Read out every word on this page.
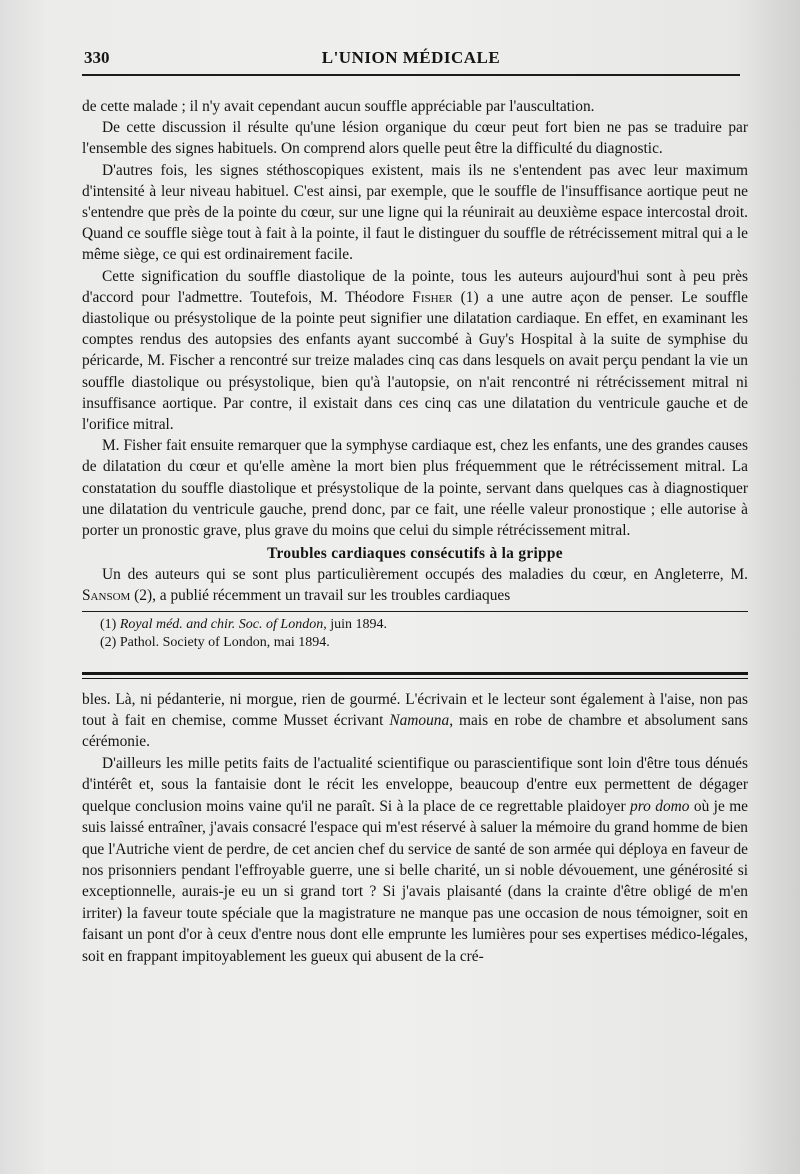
330	L'UNION MÉDICALE

de cette malade ; il n'y avait cependant aucun souffle appréciable par l'auscultation.

De cette discussion il résulte qu'une lésion organique du cœur peut fort bien ne pas se traduire par l'ensemble des signes habituels. On comprend alors quelle peut être la difficulté du diagnostic.

D'autres fois, les signes stéthoscopiques existent, mais ils ne s'entendent pas avec leur maximum d'intensité à leur niveau habituel. C'est ainsi, par exemple, que le souffle de l'insuffisance aortique peut ne s'entendre que près de la pointe du cœur, sur une ligne qui la réunirait au deuxième espace intercostal droit. Quand ce souffle siège tout à fait à la pointe, il faut le distinguer du souffle de rétrécissement mitral qui a le même siège, ce qui est ordinairement facile.

Cette signification du souffle diastolique de la pointe, tous les auteurs aujourd'hui sont à peu près d'accord pour l'admettre. Toutefois, M. Théodore Fisher (1) a une autre açon de penser. Le souffle diastolique ou présystolique de la pointe peut signifier une dilatation cardiaque. En effet, en examinant les comptes rendus des autopsies des enfants ayant succombé à Guy's Hospital à la suite de symphise du péricarde, M. Fischer a rencontré sur treize malades cinq cas dans lesquels on avait perçu pendant la vie un souffle diastolique ou présystolique, bien qu'à l'autopsie, on n'ait rencontré ni rétrécissement mitral ni insuffisance aortique. Par contre, il existait dans ces cinq cas une dilatation du ventricule gauche et de l'orifice mitral.

M. Fisher fait ensuite remarquer que la symphyse cardiaque est, chez les enfants, une des grandes causes de dilatation du cœur et qu'elle amène la mort bien plus fréquemment que le rétrécissement mitral. La constatation du souffle diastolique et présystolique de la pointe, servant dans quelques cas à diagnostiquer une dilatation du ventricule gauche, prend donc, par ce fait, une réelle valeur pronostique ; elle autorise à porter un pronostic grave, plus grave du moins que celui du simple rétrécissement mitral.

Troubles cardiaques consécutifs à la grippe

Un des auteurs qui se sont plus particulièrement occupés des maladies du cœur, en Angleterre, M. Sansom (2), a publié récemment un travail sur les troubles cardiaques

(1) Royal méd. and chir. Soc. of London, juin 1894.

(2) Pathol. Society of London, mai 1894.

bles. Là, ni pédanterie, ni morgue, rien de gourmé. L'écrivain et le lecteur sont également à l'aise, non pas tout à fait en chemise, comme Musset écrivant Namouna, mais en robe de chambre et absolument sans cérémonie.

D'ailleurs les mille petits faits de l'actualité scientifique ou parascientifique sont loin d'être tous dénués d'intérêt et, sous la fantaisie dont le récit les enveloppe, beaucoup d'entre eux permettent de dégager quelque conclusion moins vaine qu'il ne paraît. Si à la place de ce regrettable plaidoyer pro domo où je me suis laissé entraîner, j'avais consacré l'espace qui m'est réservé à saluer la mémoire du grand homme de bien que l'Autriche vient de perdre, de cet ancien chef du service de santé de son armée qui déploya en faveur de nos prisonniers pendant l'effroyable guerre, une si belle charité, un si noble dévouement, une générosité si exceptionnelle, aurais-je eu un si grand tort ? Si j'avais plaisanté (dans la crainte d'être obligé de m'en irriter) la faveur toute spéciale que la magistrature ne manque pas une occasion de nous témoigner, soit en faisant un pont d'or à ceux d'entre nous dont elle emprunte les lumières pour ses expertises médico-légales, soit en frappant impitoyablement les gueux qui abusent de la cré-
